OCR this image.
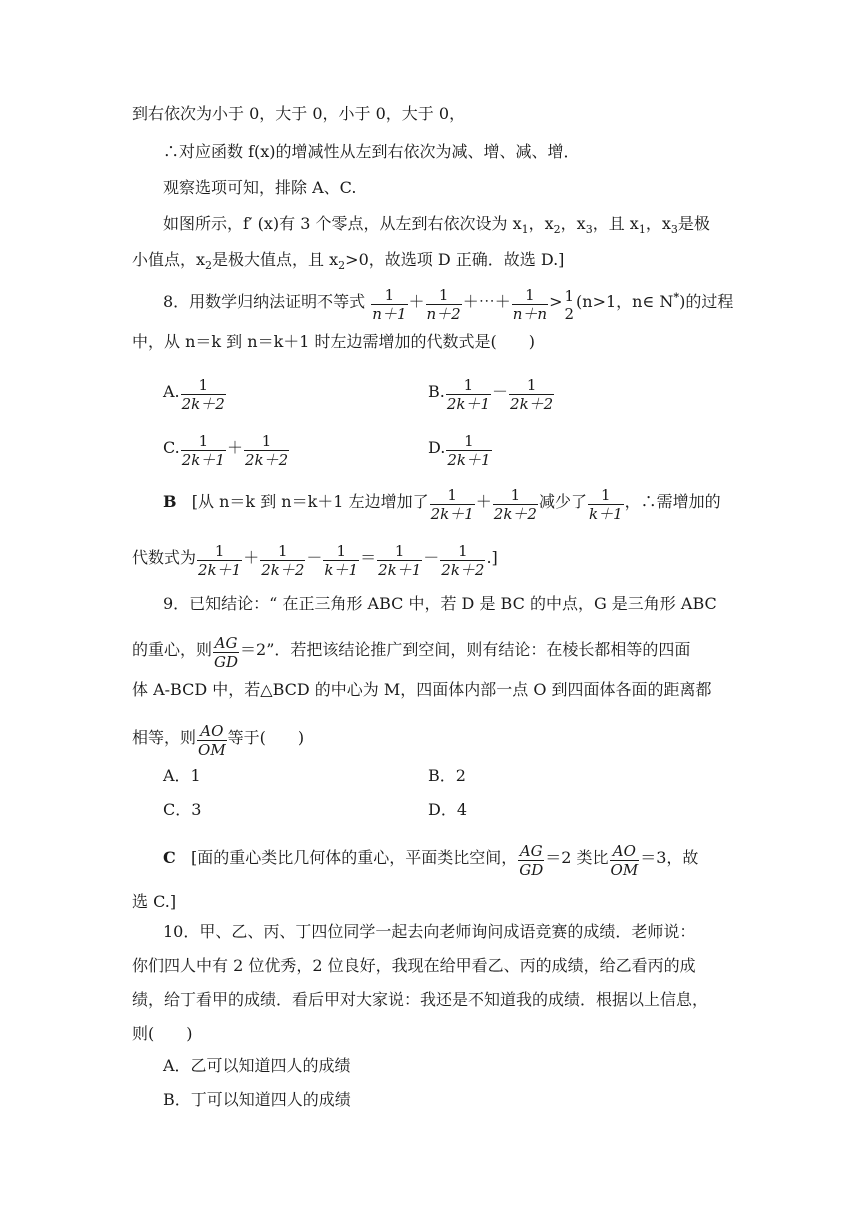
到右依次为小于 0，大于 0，小于 0，大于 0，
∴对应函数 f(x)的增减性从左到右依次为减、增、减、增．
观察选项可知，排除 A、C.
如图所示，f′ (x)有 3 个零点，从左到右依次设为 $x_1$，$x_2$，$x_3$，且 $x_1$，$x_3$是极
小值点，$x_2$是极大值点，且 $x_2>0$，故选项 D 正确．故选 D.]
8．用数学归纳法证明不等式 $\frac{1}{n+1} + \frac{1}{n+2}$ ＋⋯＋ $\frac{1}{n+n} > 1$
2
(n>1，n∈ N*)的过程
中，从 n＝k 到 n＝k＋1 时左边需增加的代数式是(　　)
A. $\frac{1}{2k+2}$	B. $\frac{1}{2k+1} - \frac{1}{2k+2}$
C. $\frac{1}{2k+1} + \frac{1}{2k+2}$	D. $\frac{1}{2k+1}$
B [从 n＝k 到 n＝k＋1 左边增加了 $\frac{1}{2k+1} + \frac{1}{2k+2}$ 减少了 $\frac{1}{k+1}$ ，∴需增加的
代数式为 $\frac{1}{2k+1} + \frac{1}{2k+2} - \frac{1}{k+1} = \frac{1}{2k+1} - \frac{1}{2k+2}$ .]
9．已知结论：“ 在正三角形 ABC 中，若 D 是 BC 的中点，G 是三角形 ABC
的重心，则 $\frac{AG}{GD} =2$”．若把该结论推广到空间，则有结论：在棱长都相等的四面
体 A-BCD 中，若△BCD 的中心为 M，四面体内部一点 O 到四面体各面的距离都
相等，则 $\frac{AO}{OM}$ 等于(　　)
A．1	B．2
C．3	D．4
C [面的重心类比几何体的重心，平面类比空间， $\frac{AG}{GD} =2$ 类比 $\frac{AO}{OM} =3$，故
选 C.]
10．甲、乙、丙、丁四位同学一起去向老师询问成语竞赛的成绩．老师说：
你们四人中有 2 位优秀，2 位良好，我现在给甲看乙、丙的成绩，给乙看丙的成
绩，给丁看甲的成绩．看后甲对大家说：我还是不知道我的成绩．根据以上信息，
则(　　)
A．乙可以知道四人的成绩
B．丁可以知道四人的成绩
